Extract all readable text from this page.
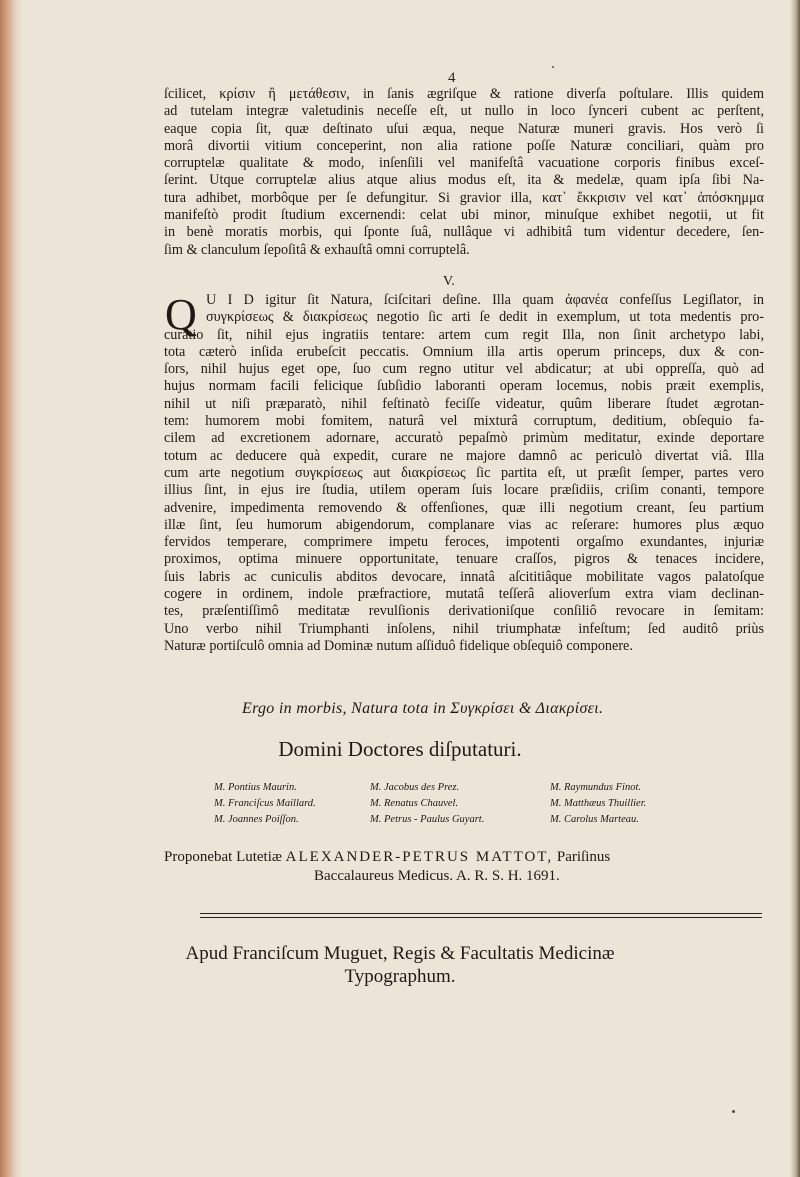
4
ſcilicet, κρίσιν ἢ μετάθεσιν, in ſanis ægriſque & ratione diverſa poſtulare. Illis quidem
ad tutelam integræ valetudinis neceſſe eſt, ut nullo in loco ſynceri cubent ac perſtent,
eaque copia ſit, quæ deſtinato uſui æqua, neque Naturæ muneri gravis. Hos verò ſi
morâ divortii vitium conceperint, non alia ratione poſſe Naturæ conciliari, quàm pro
corruptelæ qualitate & modo, inſenſili vel manifeſtâ vacuatione corporis finibus exceſ-
ſerint. Utque corruptelæ alius atque alius modus eſt, ita & medelæ, quam ipſa ſibi Na-
tura adhibet, morbôque per ſe defungitur. Si gravior illa, κατ᾽ ἔκκρισιν vel κατ᾽ ἀπόσκημμα
manifeſtò prodit ſtudium excernendi: celat ubi minor, minuſque exhibet negotii, ut fit
in benè moratis morbis, qui ſponte ſuâ, nullâque vi adhibitâ tum videntur decedere, ſen-
ſim & clanculum ſepoſitâ & exhauſtâ omni corruptelâ.
V.
Q U I D igitur ſit Natura, ſciſcitari deſine. Illa quam ἀφανέα confeſſus Legiſlator, in
συγκρίσεως & διακρίσεως negotio ſic arti ſe dedit in exemplum, ut tota medentis pro-
curatio ſit, nihil ejus ingratiis tentare: artem cum regit Illa, non ſinit archetypo labi,
tota cæterò inſida erubeſcit peccatis. Omnium illa artis operum princeps, dux & con-
ſors, nihil hujus eget ope, ſuo cum regno utitur vel abdicatur; at ubi oppreſſa, quò ad
hujus normam facili felicique ſubſidio laboranti operam locemus, nobis præit exemplis,
nihil ut niſi præparatò, nihil feſtinatò feciſſe videatur, quûm liberare ſtudet ægrotan-
tem: humorem mobi fomitem, naturâ vel mixturâ corruptum, deditium, obſequio fa-
cilem ad excretionem adornare, accuratò pepaſmò primùm meditatur, exinde deportare
totum ac deducere quà expedit, curare ne majore damnô ac periculò divertat viâ. Illa
cum arte negotium συγκρίσεως aut διακρίσεως ſic partita eſt, ut præſit ſemper, partes vero
illius ſint, in ejus ire ſtudia, utilem operam ſuis locare præſidiis, criſim conanti, tempore
advenire, impedimenta removendo & offenſiones, quæ illi negotium creant, ſeu partium
illæ ſint, ſeu humorum abigendorum, complanare vias ac reſerare: humores plus æquo
fervidos temperare, comprimere impetu feroces, impotenti orgaſmo exundantes, injuriæ
proximos, optima minuere opportunitate, tenuare craſſos, pigros & tenaces incidere,
ſuis labris ac cuniculis abditos devocare, innatâ aſcititiâque mobilitate vagos palatoſque
cogere in ordinem, indole præfractiore, mutatâ teſſerâ alioverſum extra viam declinan-
tes, præſentiſſimô meditatæ revulſionis derivationiſque conſiliô revocare in ſemitam:
Uno verbo nihil Triumphanti inſolens, nihil triumphatæ infeſtum; ſed auditô priùs
Naturæ portiſculô omnia ad Dominæ nutum aſſiduô fidelique obſequiô componere.
Ergo in morbis, Natura tota in Συγκρίσει & Διακρίσει.
Domini Doctores diſputaturi.
M. Pontius Maurin.
M. Franciſcus Maillard.
M. Joannes Poiſſon.
M. Jacobus des Prez.
M. Renatus Chauvel.
M. Petrus - Paulus Guyart.
M. Raymundus Finot.
M. Matthæus Thuillier.
M. Carolus Marteau.
Proponebat Lutetiæ ALEXANDER-PETRUS MATTOT, Pariſinus
Baccalaureus Medicus. A. R. S. H. 1691.
Apud Franciſcum Muguet, Regis & Facultatis Medicinæ
Typographum.
